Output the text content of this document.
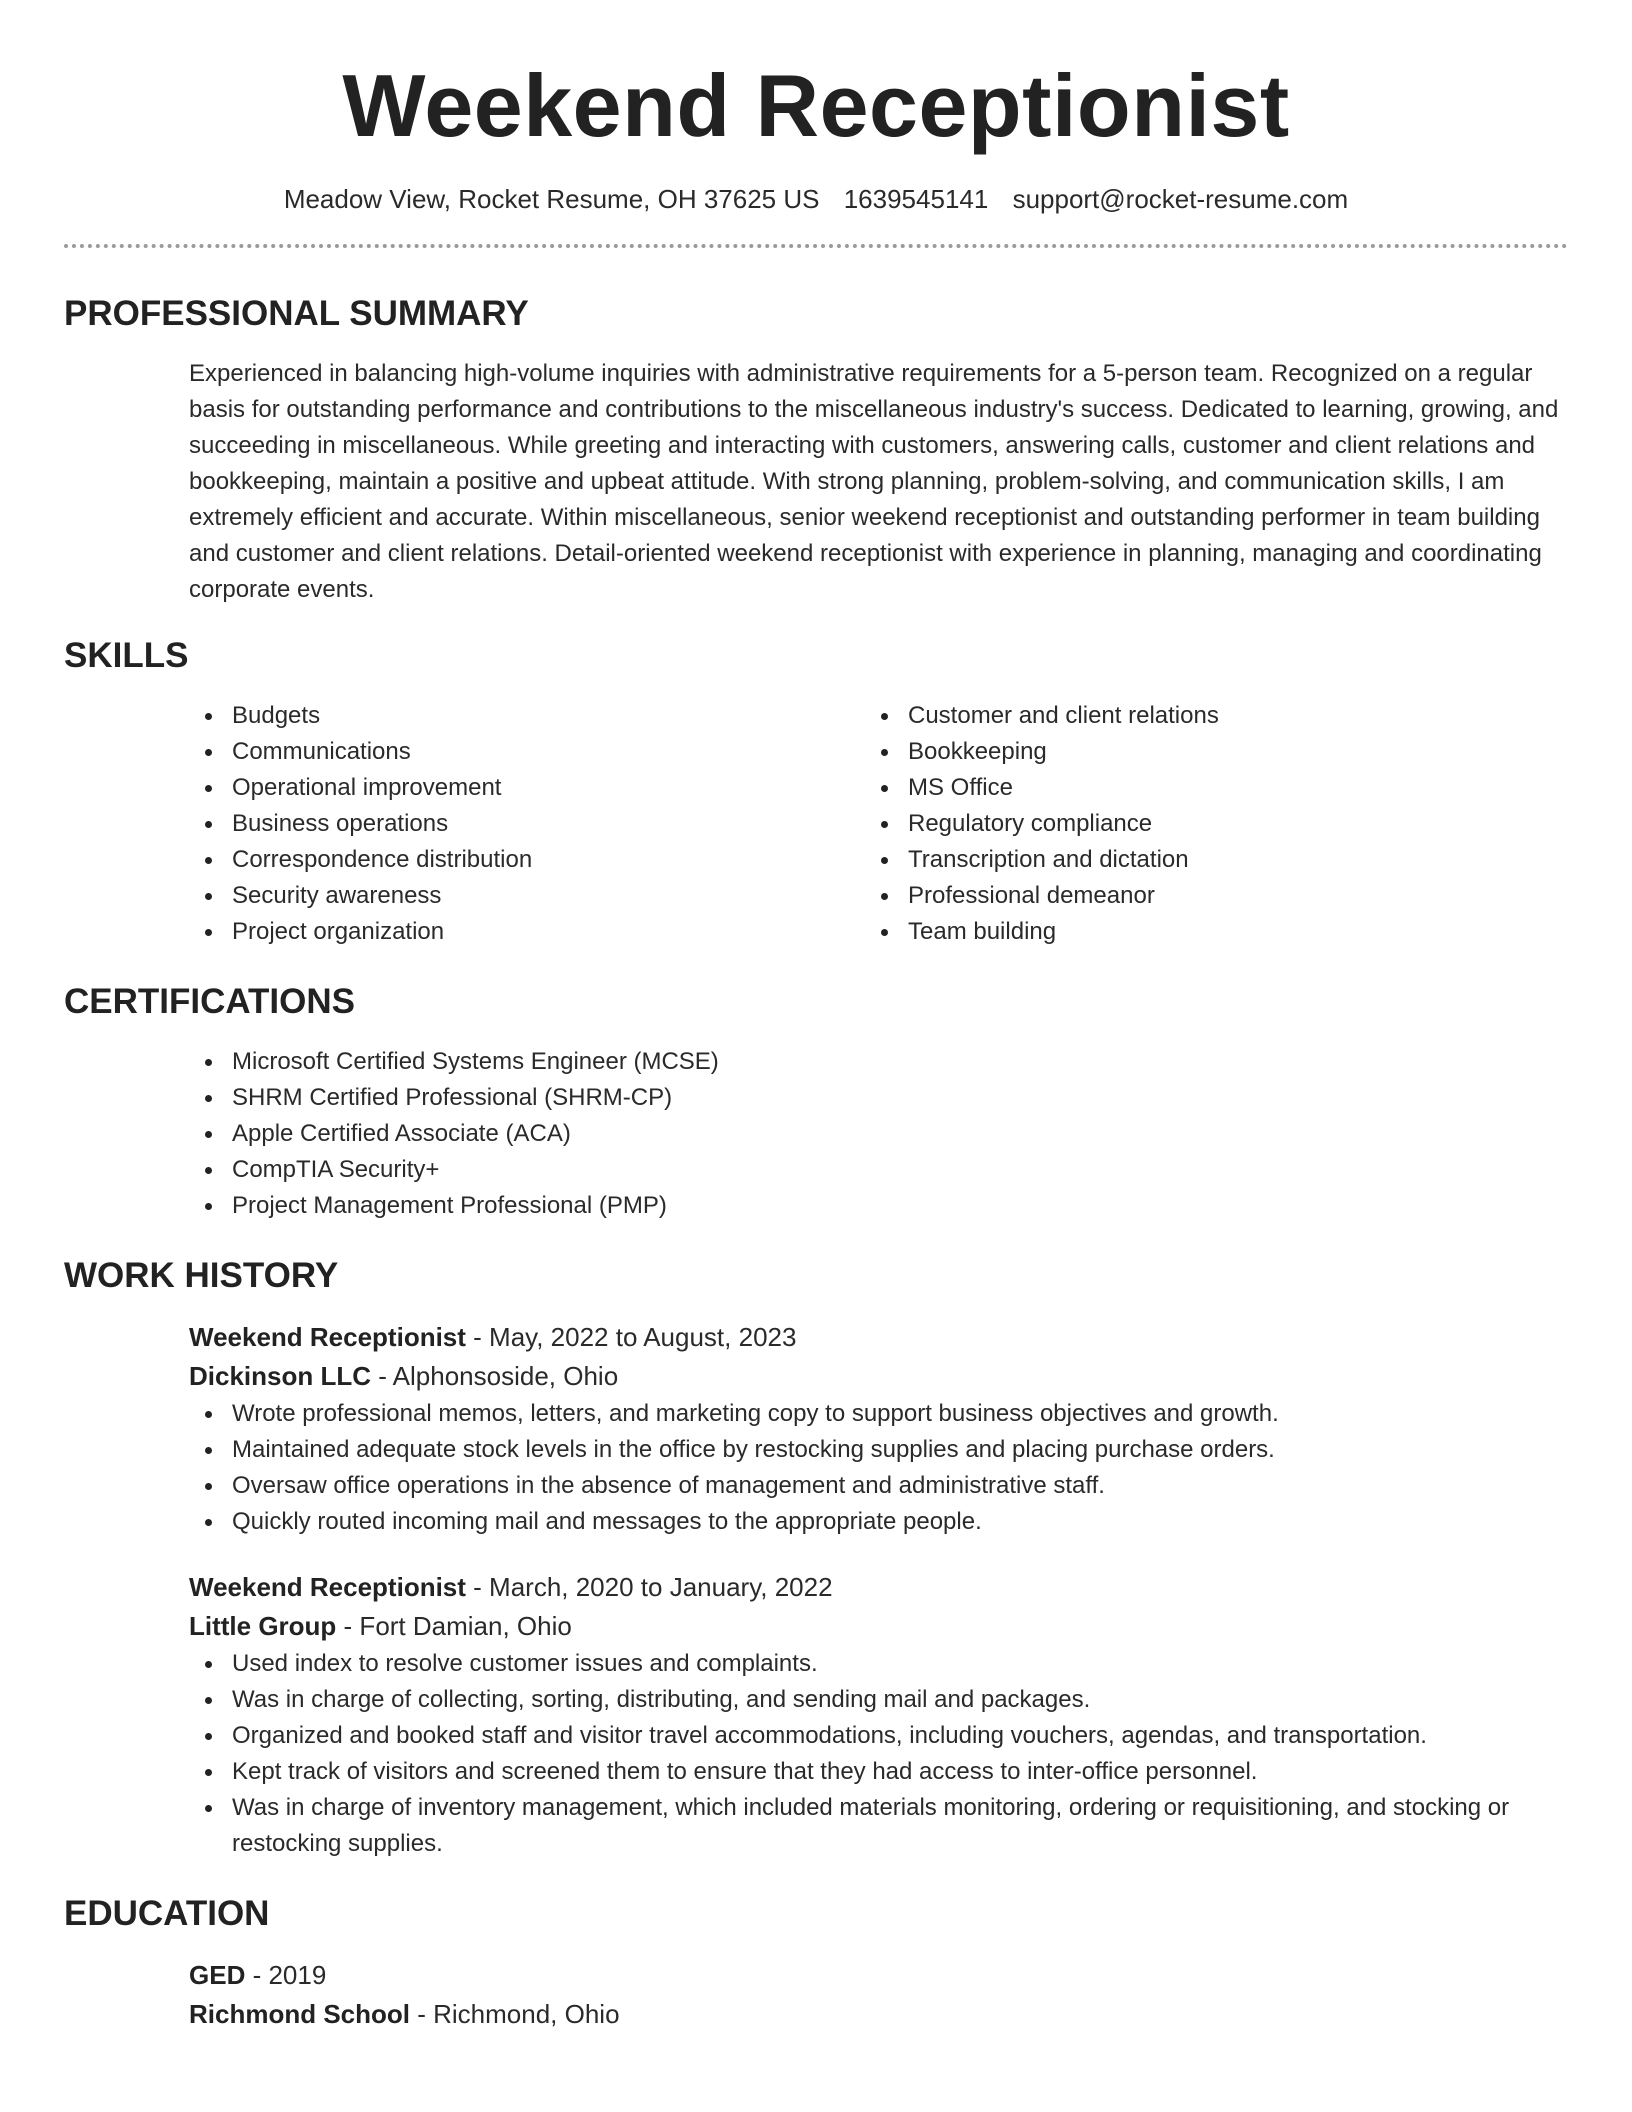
Weekend Receptionist
Meadow View, Rocket Resume, OH 37625 US 1639545141 support@rocket-resume.com
PROFESSIONAL SUMMARY
Experienced in balancing high-volume inquiries with administrative requirements for a 5-person team. Recognized on a regular basis for outstanding performance and contributions to the miscellaneous industry's success. Dedicated to learning, growing, and succeeding in miscellaneous. While greeting and interacting with customers, answering calls, customer and client relations and bookkeeping, maintain a positive and upbeat attitude. With strong planning, problem-solving, and communication skills, I am extremely efficient and accurate. Within miscellaneous, senior weekend receptionist and outstanding performer in team building and customer and client relations. Detail-oriented weekend receptionist with experience in planning, managing and coordinating corporate events.
SKILLS
Budgets
Communications
Operational improvement
Business operations
Correspondence distribution
Security awareness
Project organization
Customer and client relations
Bookkeeping
MS Office
Regulatory compliance
Transcription and dictation
Professional demeanor
Team building
CERTIFICATIONS
Microsoft Certified Systems Engineer (MCSE)
SHRM Certified Professional (SHRM-CP)
Apple Certified Associate (ACA)
CompTIA Security+
Project Management Professional (PMP)
WORK HISTORY
Weekend Receptionist - May, 2022 to August, 2023
Dickinson LLC - Alphonsoside, Ohio
Wrote professional memos, letters, and marketing copy to support business objectives and growth.
Maintained adequate stock levels in the office by restocking supplies and placing purchase orders.
Oversaw office operations in the absence of management and administrative staff.
Quickly routed incoming mail and messages to the appropriate people.
Weekend Receptionist - March, 2020 to January, 2022
Little Group - Fort Damian, Ohio
Used index to resolve customer issues and complaints.
Was in charge of collecting, sorting, distributing, and sending mail and packages.
Organized and booked staff and visitor travel accommodations, including vouchers, agendas, and transportation.
Kept track of visitors and screened them to ensure that they had access to inter-office personnel.
Was in charge of inventory management, which included materials monitoring, ordering or requisitioning, and stocking or restocking supplies.
EDUCATION
GED - 2019
Richmond School - Richmond, Ohio
